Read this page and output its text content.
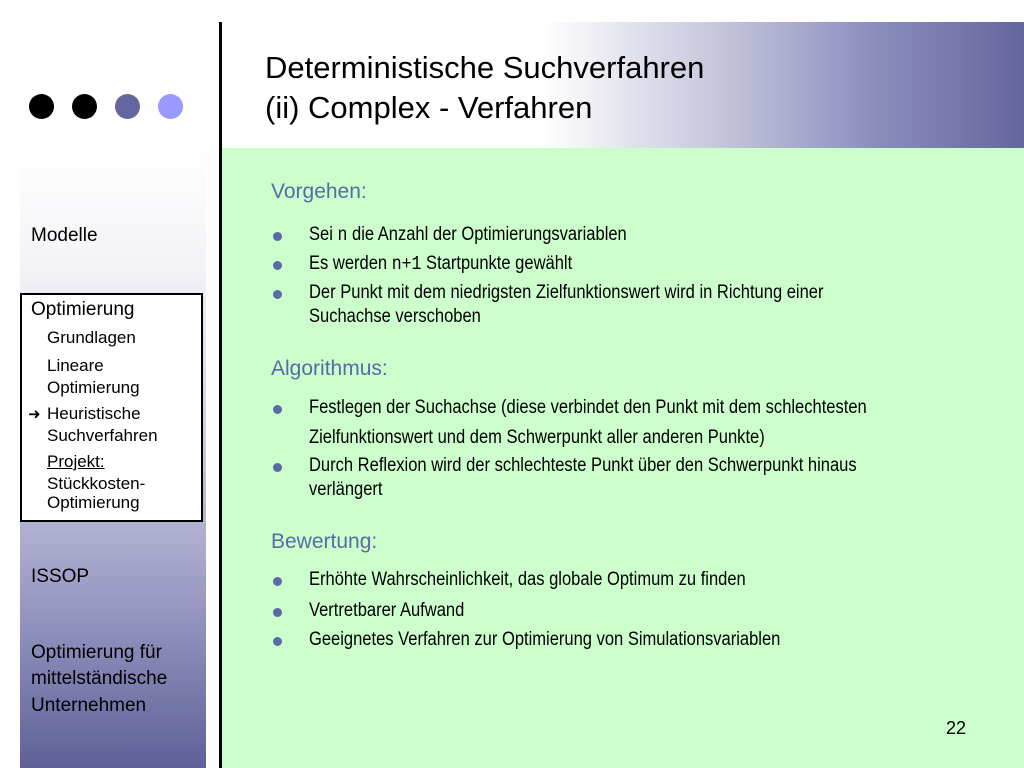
Deterministische Suchverfahren
(ii) Complex - Verfahren
Modelle
Optimierung
Grundlagen
Lineare
Optimierung
➜ Heuristische
Suchverfahren
Projekt:
Stückkosten-
Optimierung
ISSOP
Optimierung für
mittelständische
Unternehmen
Vorgehen:
Sei n die Anzahl der Optimierungsvariablen
Es werden n+1 Startpunkte gewählt
Der Punkt mit dem niedrigsten Zielfunktionswert wird in Richtung einer
Suchachse verschoben
Algorithmus:
Festlegen der Suchachse (diese verbindet den Punkt mit dem schlechtesten
Zielfunktionswert und dem Schwerpunkt aller anderen Punkte)
Durch Reflexion wird der schlechteste Punkt über den Schwerpunkt hinaus
verlängert
Bewertung:
Erhöhte Wahrscheinlichkeit, das globale Optimum zu finden
Vertretbarer Aufwand
Geeignetes Verfahren zur Optimierung von Simulationsvariablen
22
